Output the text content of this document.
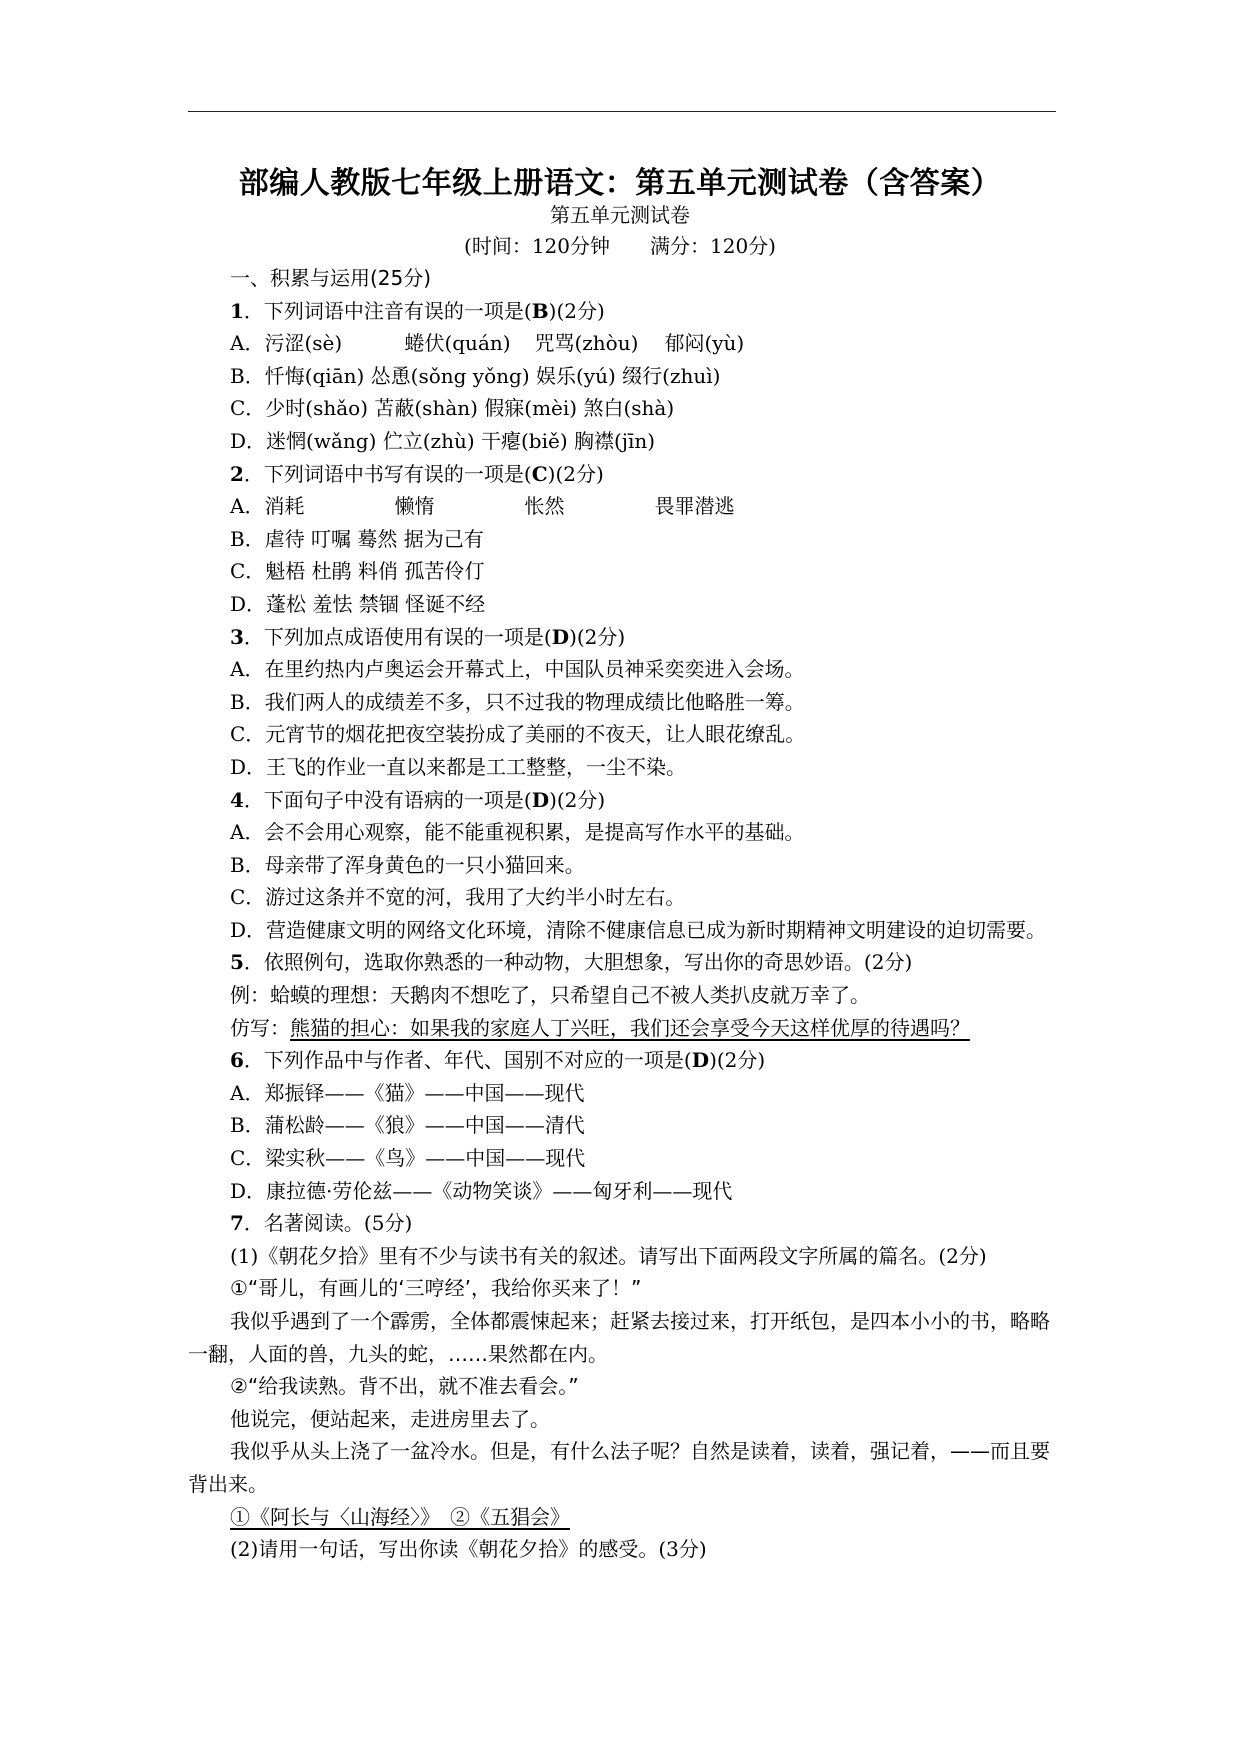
部编人教版七年级上册语文：第五单元测试卷（含答案）
第五单元测试卷
(时间：120分钟 满分：120分)
一、积累与运用(25分)
1．下列词语中注音有误的一项是(B)(2分)
A．污涩(sè)	蜷伏(quán) 咒骂(zhòu) 郁闷(yù)
B．忏悔(qiān) 怂恿(sǒng yǒng) 娱乐(yú) 缀行(zhuì)
C．少时(shǎo) 苫蔽(shàn) 假寐(mèi) 煞白(shà)
D．迷惘(wǎng) 伫立(zhù) 干瘪(biě) 胸襟(jīn)
2．下列词语中书写有误的一项是(C)(2分)
A．消耗	懒惰	怅然	畏罪潜逃
B．虐待 叮嘱 蓦然 据为己有
C．魁梧 杜鹃 料俏 孤苦伶仃
D．蓬松 羞怯 禁锢 怪诞不经
3．下列加点成语使用有误的一项是(D)(2分)
A．在里约热内卢奥运会开幕式上，中国队员神采奕奕进入会场。
B．我们两人的成绩差不多，只不过我的物理成绩比他略胜一筹。
C．元宵节的烟花把夜空装扮成了美丽的不夜天，让人眼花缭乱。
D．王飞的作业一直以来都是工工整整，一尘不染。
4．下面句子中没有语病的一项是(D)(2分)
A．会不会用心观察，能不能重视积累，是提高写作水平的基础。
B．母亲带了浑身黄色的一只小猫回来。
C．游过这条并不宽的河，我用了大约半小时左右。
D．营造健康文明的网络文化环境，清除不健康信息已成为新时期精神文明建设的迫切需要。
5．依照例句，选取你熟悉的一种动物，大胆想象，写出你的奇思妙语。(2分)
例：蛤蟆的理想：天鹅肉不想吃了，只希望自己不被人类扒皮就万幸了。
仿写：熊猫的担心：如果我的家庭人丁兴旺，我们还会享受今天这样优厚的待遇吗？
6．下列作品中与作者、年代、国别不对应的一项是(D)(2分)
A．郑振铎——《猫》——中国——现代
B．蒲松龄——《狼》——中国——清代
C．梁实秋——《鸟》——中国——现代
D．康拉德·劳伦兹——《动物笑谈》——匈牙利——现代
7．名著阅读。(5分)
(1)《朝花夕拾》里有不少与读书有关的叙述。请写出下面两段文字所属的篇名。(2分)
①“哥儿，有画儿的‘三哼经’，我给你买来了！”
我似乎遇到了一个霹雳，全体都震悚起来；赶紧去接过来，打开纸包，是四本小小的书，略略一翻，人面的兽，九头的蛇，……果然都在内。
②“给我读熟。背不出，就不准去看会。”
他说完，便站起来，走进房里去了。
我似乎从头上浇了一盆冷水。但是，有什么法子呢？自然是读着，读着，强记着，——而且要背出来。
①《阿长与〈山海经〉》　②《五猖会》
(2)请用一句话，写出你读《朝花夕拾》的感受。(3分)
